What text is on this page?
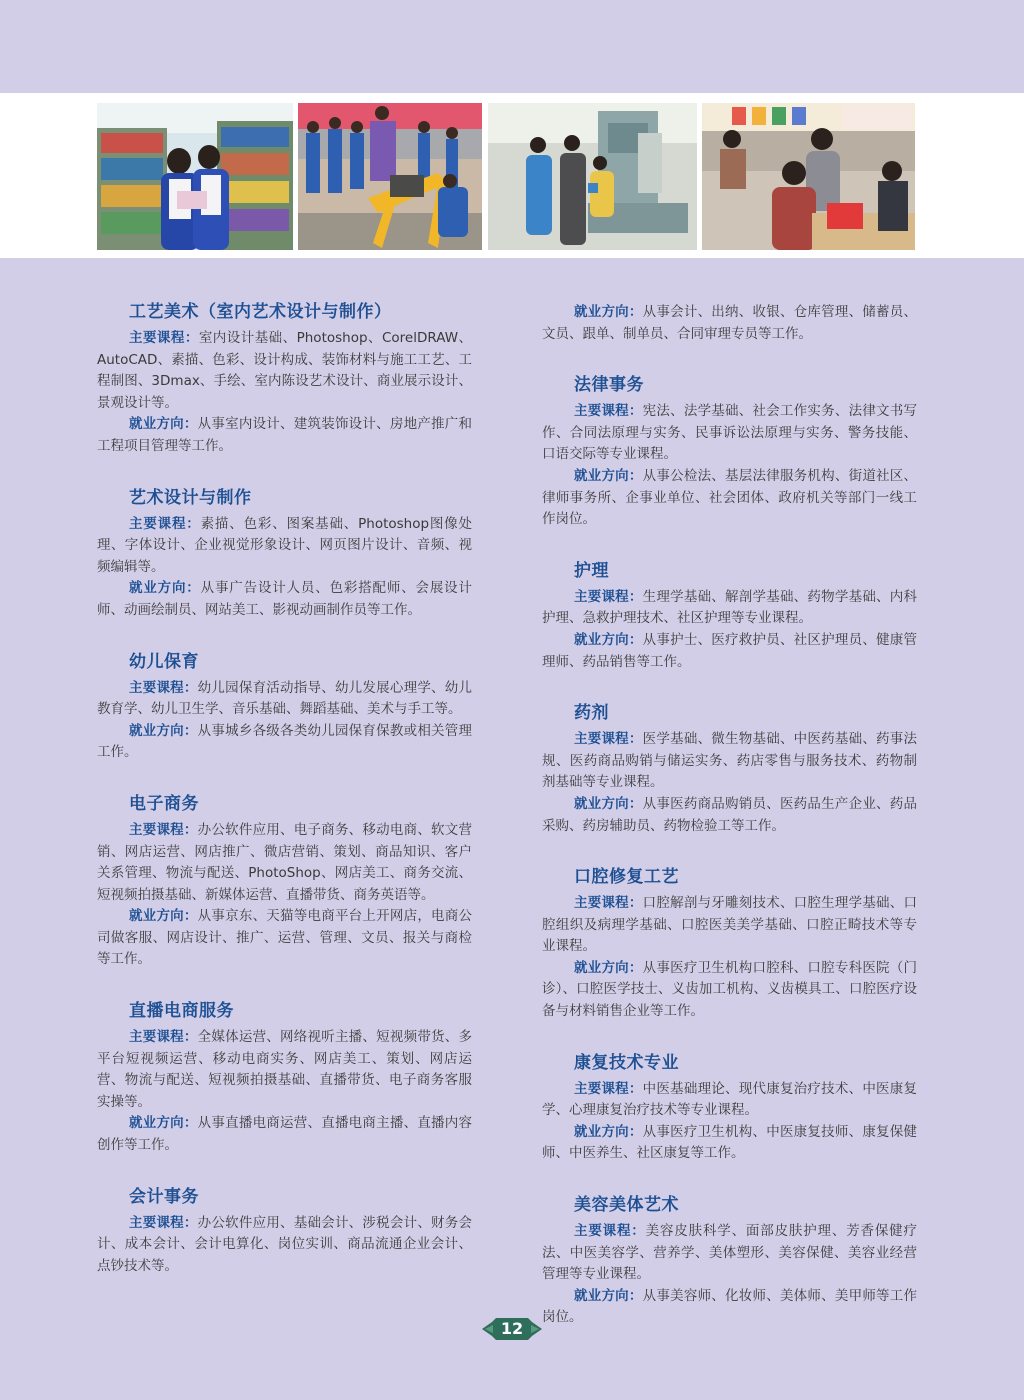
工艺美术（室内艺术设计与制作）

主要课程：室内设计基础、Photoshop、CorelDRAW、AutoCAD、素描、色彩、设计构成、装饰材料与施工工艺、工程制图、3Dmax、手绘、室内陈设艺术设计、商业展示设计、景观设计等。

就业方向：从事室内设计、建筑装饰设计、房地产推广和工程项目管理等工作。

艺术设计与制作

主要课程：素描、色彩、图案基础、Photoshop图像处理、字体设计、企业视觉形象设计、网页图片设计、音频、视频编辑等。

就业方向：从事广告设计人员、色彩搭配师、会展设计师、动画绘制员、网站美工、影视动画制作员等工作。

幼儿保育

主要课程：幼儿园保育活动指导、幼儿发展心理学、幼儿教育学、幼儿卫生学、音乐基础、舞蹈基础、美术与手工等。

就业方向：从事城乡各级各类幼儿园保育保教或相关管理工作。

电子商务

主要课程：办公软件应用、电子商务、移动电商、软文营销、网店运营、网店推广、微店营销、策划、商品知识、客户关系管理、物流与配送、PhotoShop、网店美工、商务交流、短视频拍摄基础、新媒体运营、直播带货、商务英语等。

就业方向：从事京东、天猫等电商平台上开网店，电商公司做客服、网店设计、推广、运营、管理、文员、报关与商检等工作。

直播电商服务

主要课程：全媒体运营、网络视听主播、短视频带货、多平台短视频运营、移动电商实务、网店美工、策划、网店运营、物流与配送、短视频拍摄基础、直播带货、电子商务客服实操等。

就业方向：从事直播电商运营、直播电商主播、直播内容创作等工作。

会计事务

主要课程：办公软件应用、基础会计、涉税会计、财务会计、成本会计、会计电算化、岗位实训、商品流通企业会计、点钞技术等。

就业方向：从事会计、出纳、收银、仓库管理、储蓄员、文员、跟单、制单员、合同审理专员等工作。

法律事务

主要课程：宪法、法学基础、社会工作实务、法律文书写作、合同法原理与实务、民事诉讼法原理与实务、警务技能、口语交际等专业课程。

就业方向：从事公检法、基层法律服务机构、街道社区、律师事务所、企事业单位、社会团体、政府机关等部门一线工作岗位。

护理

主要课程：生理学基础、解剖学基础、药物学基础、内科护理、急救护理技术、社区护理等专业课程。

就业方向：从事护士、医疗救护员、社区护理员、健康管理师、药品销售等工作。

药剂

主要课程：医学基础、微生物基础、中医药基础、药事法规、医药商品购销与储运实务、药店零售与服务技术、药物制剂基础等专业课程。

就业方向：从事医药商品购销员、医药品生产企业、药品采购、药房辅助员、药物检验工等工作。

口腔修复工艺

主要课程：口腔解剖与牙雕刻技术、口腔生理学基础、口腔组织及病理学基础、口腔医美美学基础、口腔正畸技术等专业课程。

就业方向：从事医疗卫生机构口腔科、口腔专科医院（门诊）、口腔医学技士、义齿加工机构、义齿模具工、口腔医疗设备与材料销售企业等工作。

康复技术专业

主要课程：中医基础理论、现代康复治疗技术、中医康复学、心理康复治疗技术等专业课程。

就业方向：从事医疗卫生机构、中医康复技师、康复保健师、中医养生、社区康复等工作。

美容美体艺术

主要课程：美容皮肤科学、面部皮肤护理、芳香保健疗法、中医美容学、营养学、美体塑形、美容保健、美容业经营管理等专业课程。

就业方向：从事美容师、化妆师、美体师、美甲师等工作岗位。

12
